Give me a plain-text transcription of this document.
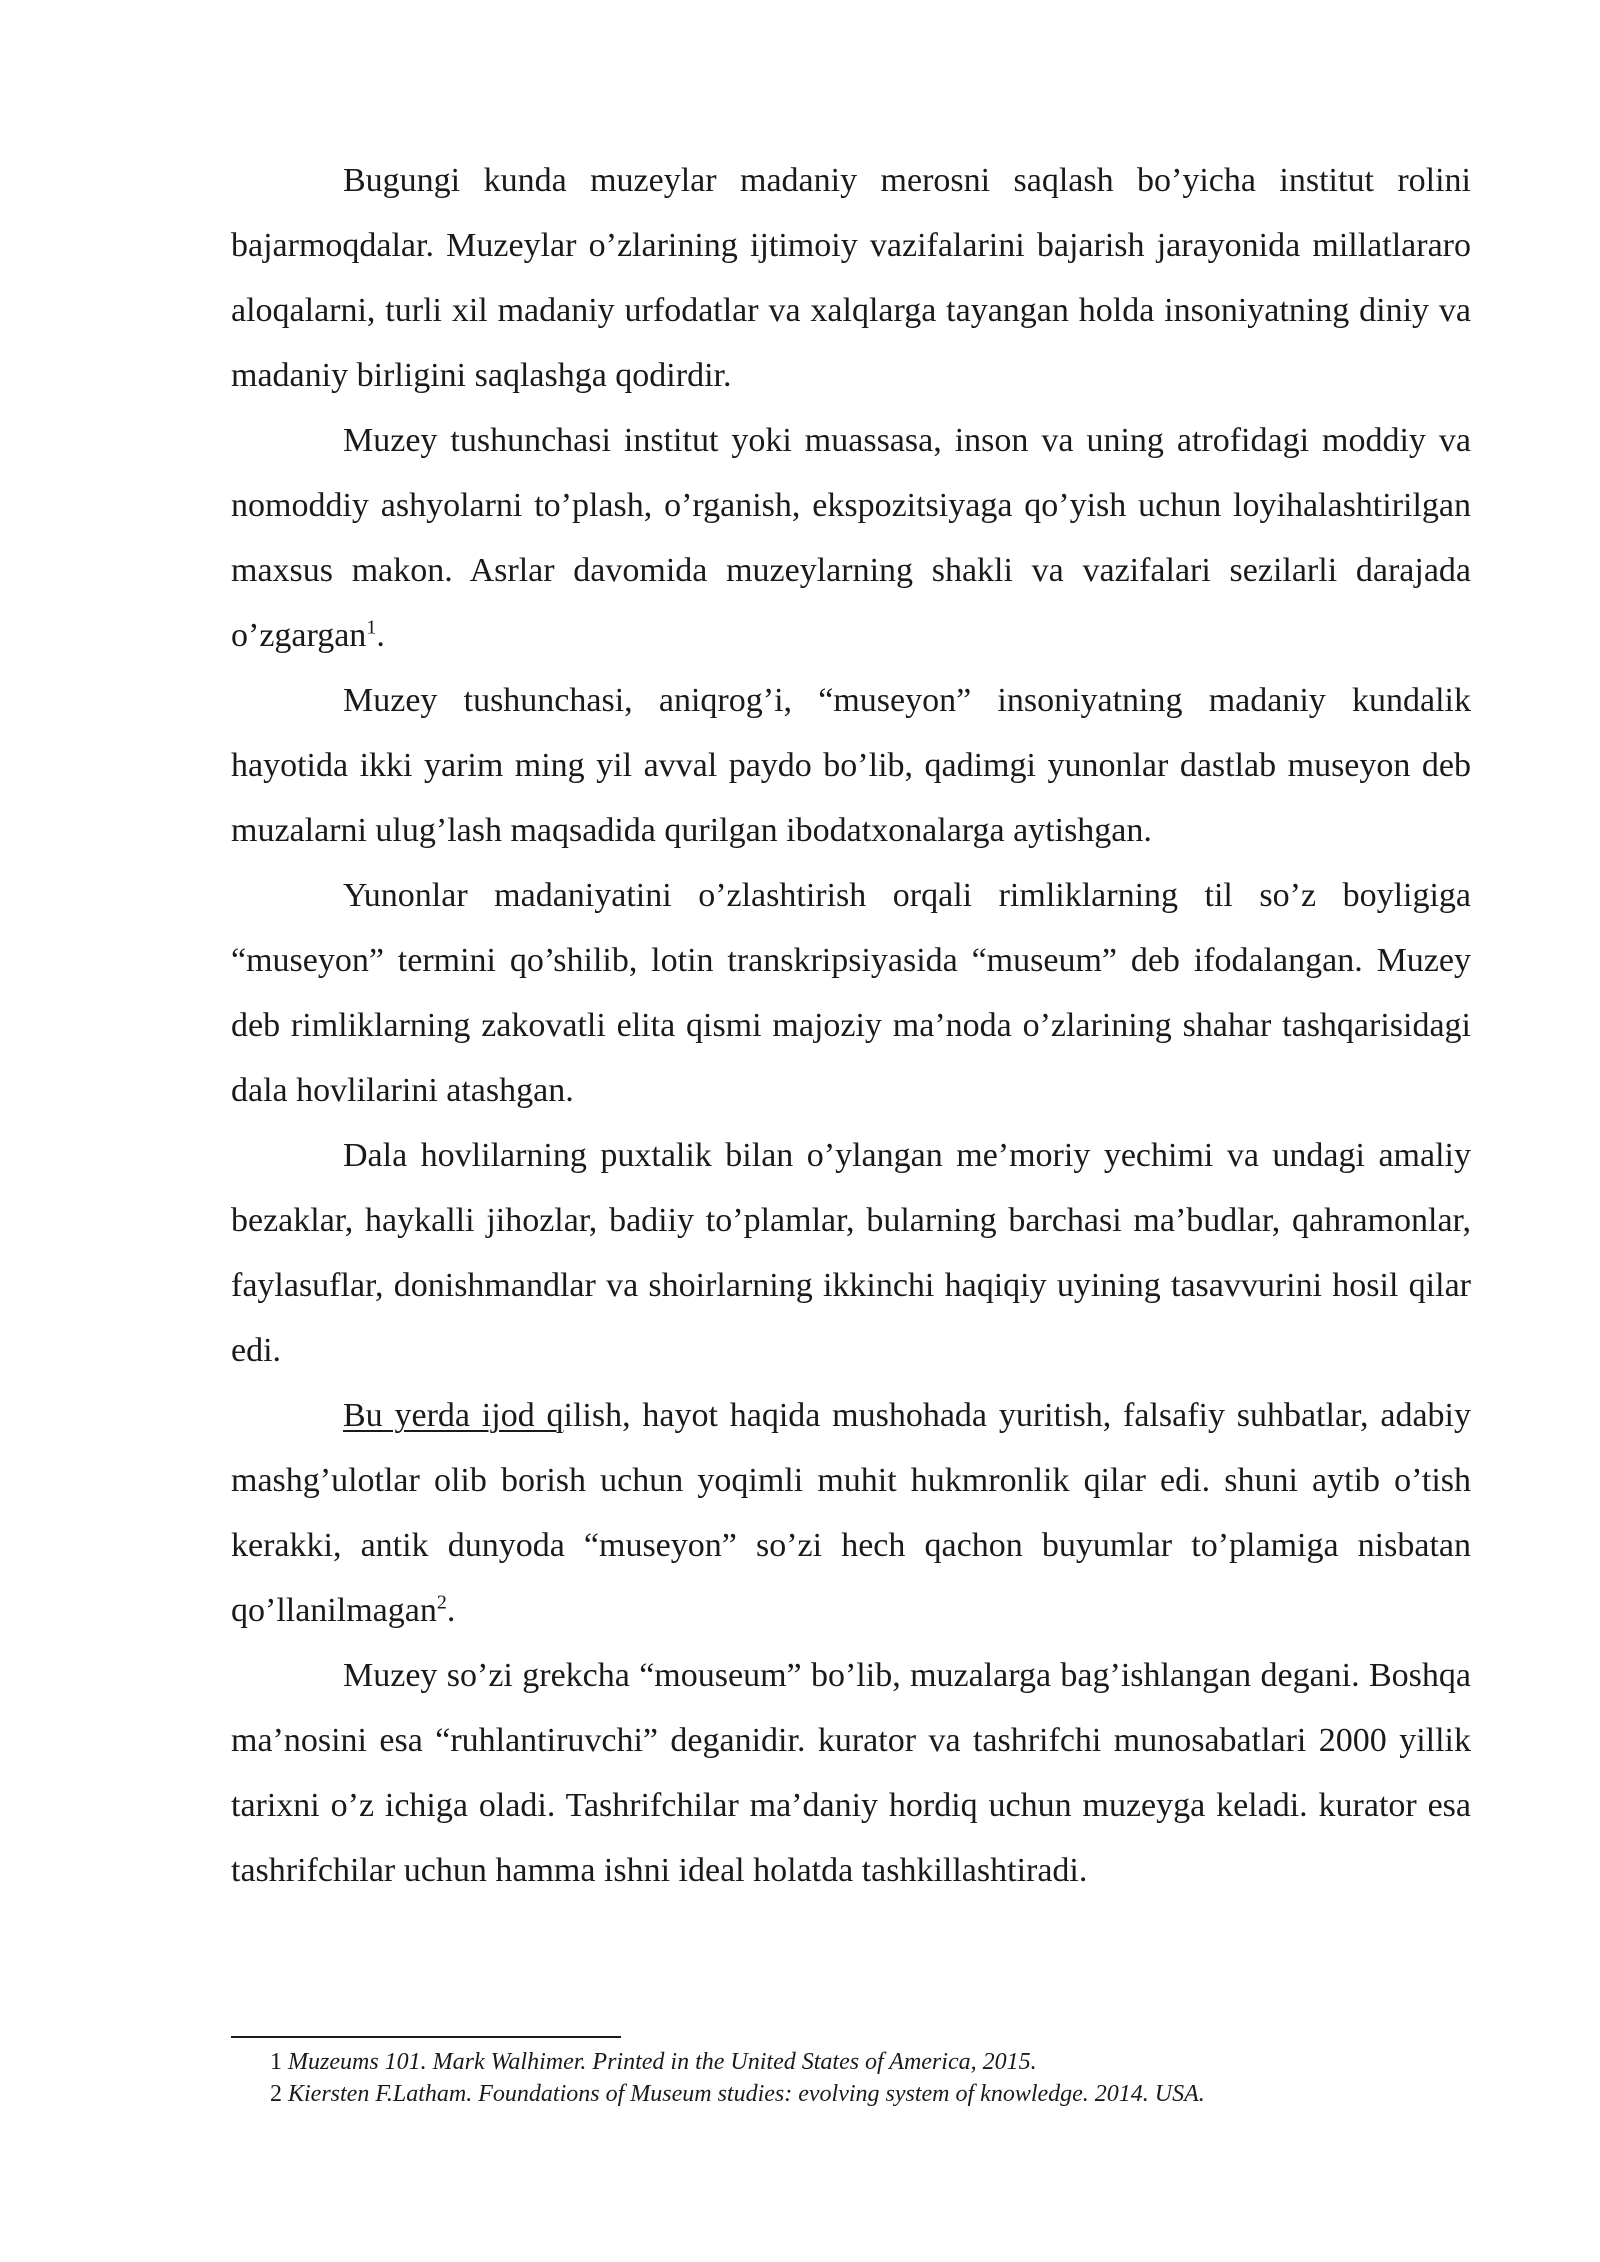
Bugungi kunda muzeylar madaniy merosni saqlash bo’yicha institut rolini bajarmoqdalar. Muzeylar o’zlarining ijtimoiy vazifalarini bajarish jarayonida millatlararo aloqalarni, turli xil madaniy urfodatlar va xalqlarga tayangan holda insoniyatning diniy va madaniy birligini saqlashga qodirdir.

Muzey tushunchasi institut yoki muassasa, inson va uning atrofidagi moddiy va nomoddiy ashyolarni to’plash, o’rganish, ekspozitsiyaga qo’yish uchun loyihalashtirilgan maxsus makon. Asrlar davomida muzeylarning shakli va vazifalari sezilarli darajada o’zgargan$^1$.

Muzey tushunchasi, aniqrog’i, “museyon” insoniyatning madaniy kundalik hayotida ikki yarim ming yil avval paydo bo’lib, qadimgi yunonlar dastlab museyon deb muzalarni ulug’lash maqsadida qurilgan ibodatxonalarga aytishgan.

Yunonlar madaniyatini o’zlashtirish orqali rimliklarning til so’z boyligiga “museyon” termini qo’shilib, lotin transkripsiyasida “museum” deb ifodalangan. Muzey deb rimliklarning zakovatli elita qismi majoziy ma’noda o’zlarining shahar tashqarisidagi dala hovlilarini atashgan.

Dala hovlilarning puxtalik bilan o’ylangan me’moriy yechimi va undagi amaliy bezaklar, haykalli jihozlar, badiiy to’plamlar, bularning barchasi ma’budlar, qahramonlar, faylasuflar, donishmandlar va shoirlarning ikkinchi haqiqiy uyining tasavvurini hosil qilar edi.

Bu yerda ijod qilish, hayot haqida mushohada yuritish, falsafiy suhbatlar, adabiy mashg’ulotlar olib borish uchun yoqimli muhit hukmronlik qilar edi. shuni aytib o’tish kerakki, antik dunyoda “museyon” so’zi hech qachon buyumlar to’plamiga nisbatan qo’llanilmagan$^2$.

Muzey so’zi grekcha “mouseum” bo’lib, muzalarga bag’ishlangan degani. Boshqa ma’nosini esa “ruhlantiruvchi” deganidir. kurator va tashrifchi munosabatlari 2000 yillik tarixni o’z ichiga oladi. Tashrifchilar ma’daniy hordiq uchun muzeyga keladi. kurator esa tashrifchilar uchun hamma ishni ideal holatda tashkillashtiradi.

1 Muzeums 101. Mark Walhimer. Printed in the United States of America, 2015.

2 Kiersten F.Latham. Foundations of Museum studies: evolving system of knowledge. 2014. USA.
